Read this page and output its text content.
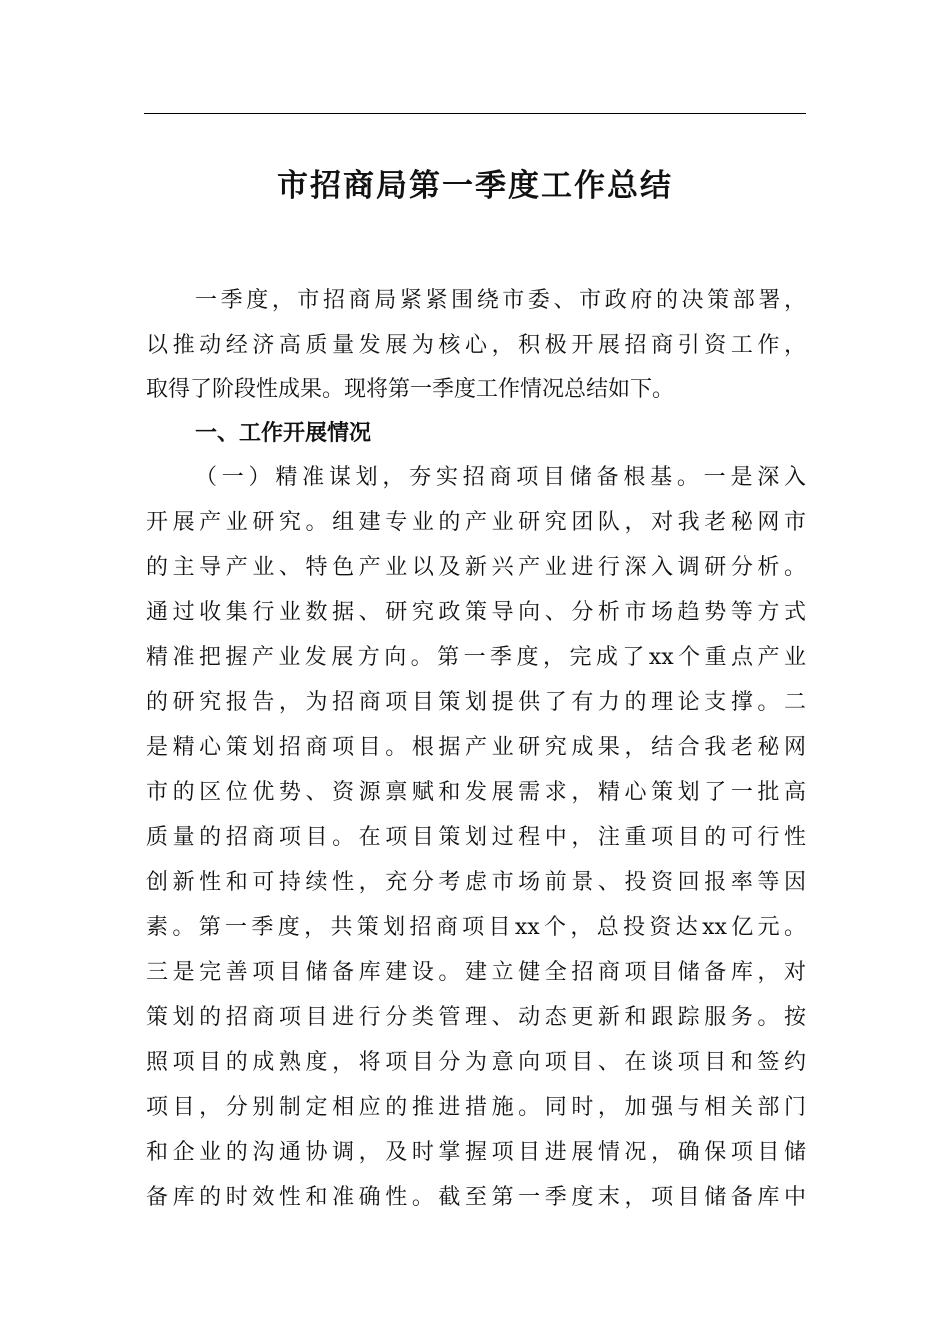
市招商局第一季度工作总结

一季度，市招商局紧紧围绕市委、市政府的决策部署，

以推动经济高质量发展为核心，积极开展招商引资工作，

取得了阶段性成果。现将第一季度工作情况总结如下。

一、工作开展情况

（一）精准谋划，夯实招商项目储备根基。一是深入

开展产业研究。组建专业的产业研究团队，对我老秘网市

的主导产业、特色产业以及新兴产业进行深入调研分析。

通过收集行业数据、研究政策导向、分析市场趋势等方式

精准把握产业发展方向。第一季度，完成了xx个重点产业

的研究报告，为招商项目策划提供了有力的理论支撑。二

是精心策划招商项目。根据产业研究成果，结合我老秘网

市的区位优势、资源禀赋和发展需求，精心策划了一批高

质量的招商项目。在项目策划过程中，注重项目的可行性

创新性和可持续性，充分考虑市场前景、投资回报率等因

素。第一季度，共策划招商项目xx个，总投资达xx亿元。

三是完善项目储备库建设。建立健全招商项目储备库，对

策划的招商项目进行分类管理、动态更新和跟踪服务。按

照项目的成熟度，将项目分为意向项目、在谈项目和签约

项目，分别制定相应的推进措施。同时，加强与相关部门

和企业的沟通协调，及时掌握项目进展情况，确保项目储

备库的时效性和准确性。截至第一季度末，项目储备库中
